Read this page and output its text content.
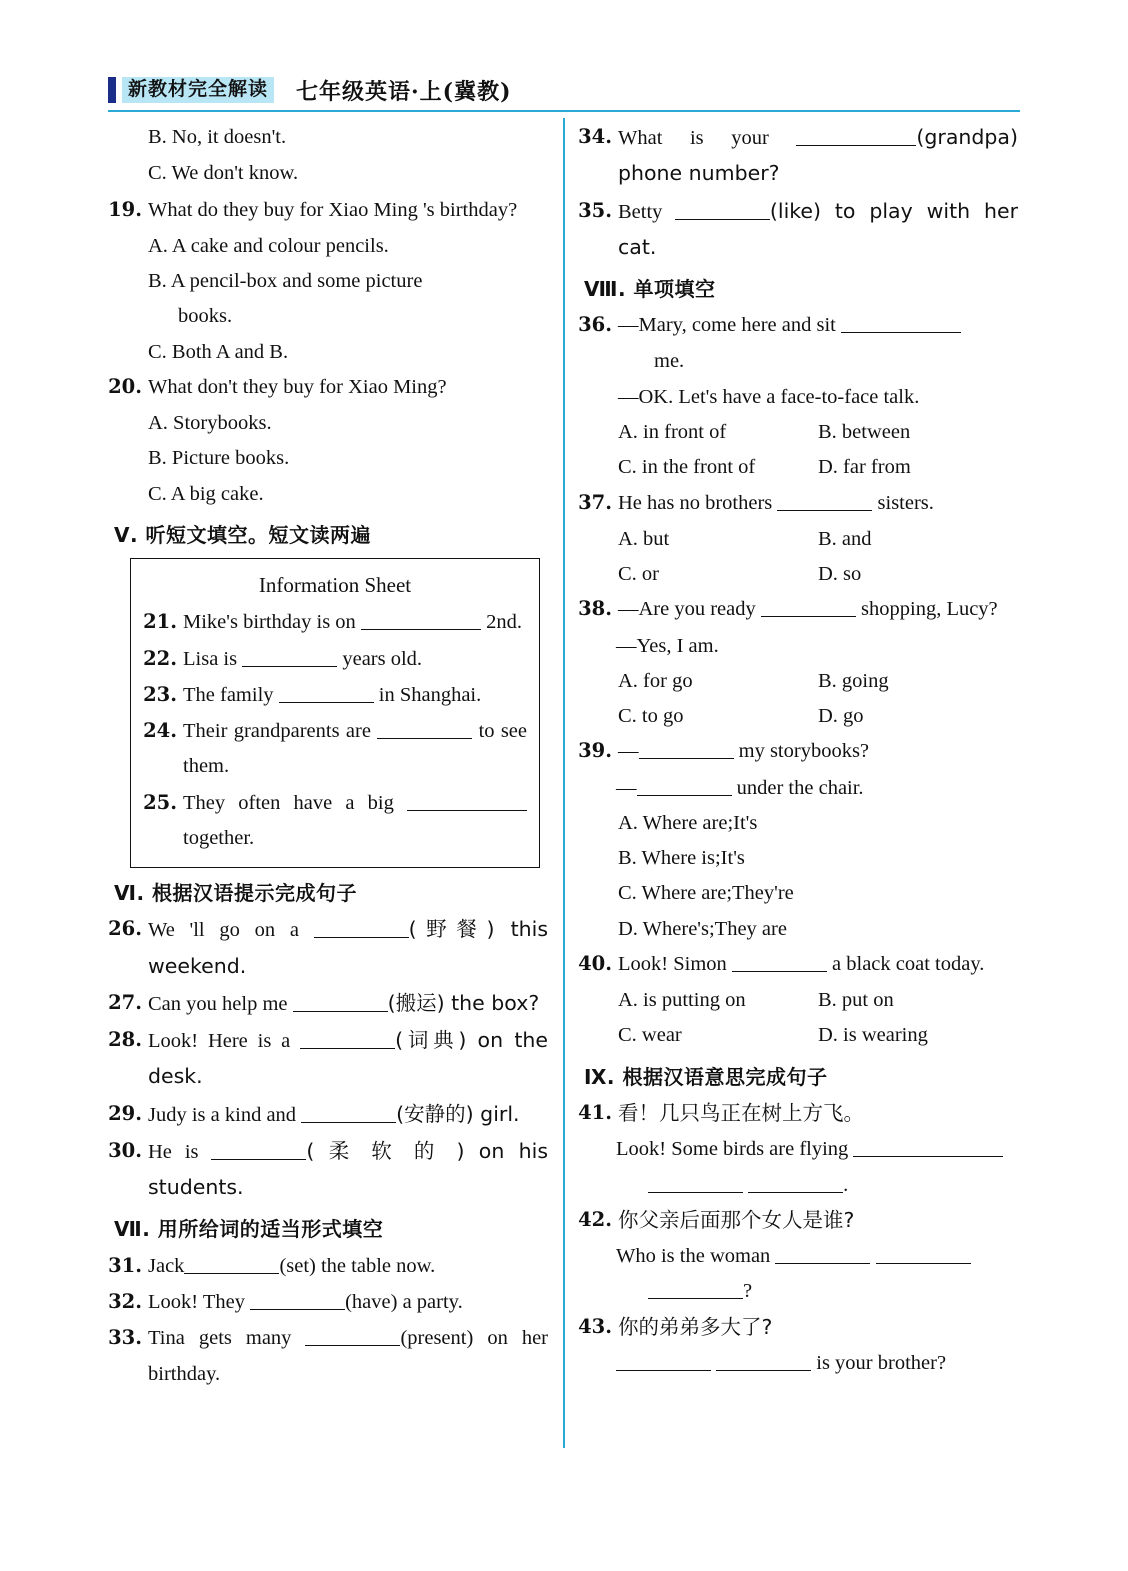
新教材完全解读 七年级英语·上(冀教)

B. No, it doesn't.

C. We don't know.
19. What do they buy for Xiao Ming 's birthday?
A. A cake and colour pencils.
B. A pencil-box and some picture
books.
C. Both A and B.
20. What don't they buy for Xiao Ming?
A. Storybooks.
B. Picture books.
C. A big cake.
Ⅴ. 听短文填空。短文读两遍
Information Sheet
21. Mike's birthday is on	2nd.
22. Lisa is	years old.
23. The family	in Shanghai.
24. Their grandparents are	to see them.
25. They often have a big  together.
Ⅵ. 根据汉语提示完成句子
26. We 'll go on a	(野餐) this weekend.
27. Can you help me	(搬运) the box?
28. Look! Here is a	(词典) on the desk.
29. Judy is a kind and	(安静的) girl.
30. He is	( 柔 软 的 ) on his students.
Ⅶ. 用所给词的适当形式填空
31. Jack	(set) the table now.
32. Look! They	(have) a party.
33. Tina gets many	(present) on her birthday.
34. What is your	(grandpa) phone number?
35. Betty	(like) to play with her cat.
Ⅷ. 单项填空
36. —Mary, come here and sit
me.
—OK. Let's have a face-to-face talk.
A. in front of	B. between
C. in the front of	D. far from
37. He has no brothers	sisters.
A. but	B. and
C. or	D. so
38. —Are you ready	shopping, Lucy?
—Yes, I am.
A. for go	B. going
C. to go	D. go
39. —	my storybooks?
—	under the chair.
A. Where are;It's
B. Where is;It's
C. Where are;They're
D. Where's;They are
40. Look! Simon	a black coat today.
A. is putting on	B. put on
C. wear	D. is wearing
Ⅸ. 根据汉语意思完成句子
41. 看！几只鸟正在树上方飞。
Look! Some birds are flying
.
42. 你父亲后面那个女人是谁?
Who is the woman
?
43. 你的弟弟多大了?
is your brother?
